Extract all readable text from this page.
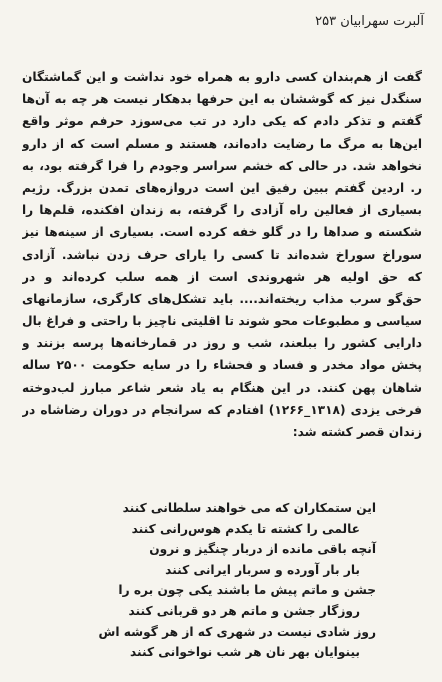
آلبرت سهرابیان ۲۵۳
گفت از هم‌بندان کسی دارو به همراه خود نداشت و این گماشتگان
سنگدل نیز که گوششان به این حرفها بدهکار نیست هر چه به آن‌ها
گفتم و تذکر دادم که یکی دارد در تب می‌سوزد حرفم موثر واقع
این‌ها به مرگ ما رضایت داده‌اند، هستند و مسلم است که از دارو
نخواهد شد. در حالی که خشم سراسر وجودم را فرا گرفته بود، به
ر. اردین گفتم ببین رفیق این است دروازه‌های تمدن بزرگ. رژیم
بسیاری از فعالین راه آزادی را گرفته، به زندان افکنده، قلم‌ها را
شکسته و صداها را در گلو خفه کرده است. بسیاری از سینه‌ها نیز
سوراخ سوراخ شده‌اند تا کسی را یارای حرف زدن نباشد. آزادی
که حق اولیه هر شهروندی است از همه سلب کرده‌اند و در
حق‌گو سرب مذاب ریخته‌اند.... باید تشکل‌های کارگری، سازمانهای
سیاسی و مطبوعات محو شوند تا اقلیتی ناچیز با راحتی و فراغ بال
دارایی کشور را ببلعند، شب و روز در قمارخانه‌ها پرسه بزنند و
پخش مواد مخدر و فساد و فحشاء را در سایه حکومت ۲۵۰۰ ساله
شاهان پهن کنند. در این هنگام به یاد شعر شاعر مبارز لب‌دوخته
فرخی یزدی (۱۳۱۸_۱۲۶۶) افتادم که سرانجام در دوران رضاشاه در
زندان قصر کشته شد:
این ستمکاران که می خواهند سلطانی کنند
عالمی را کشته تا یکدم هوس‌رانی کنند
آنچه باقی مانده از دربار چنگیز و نرون
بار بار آورده و سربار ایرانی کنند
جشن و ماتم پیش ما باشند یکی چون بره را
روزگار جشن و ماتم هر دو قربانی کنند
روز شادی نیست در شهری که از هر گوشه اش
بینوایان بهر نان هر شب نواخوانی کنند
